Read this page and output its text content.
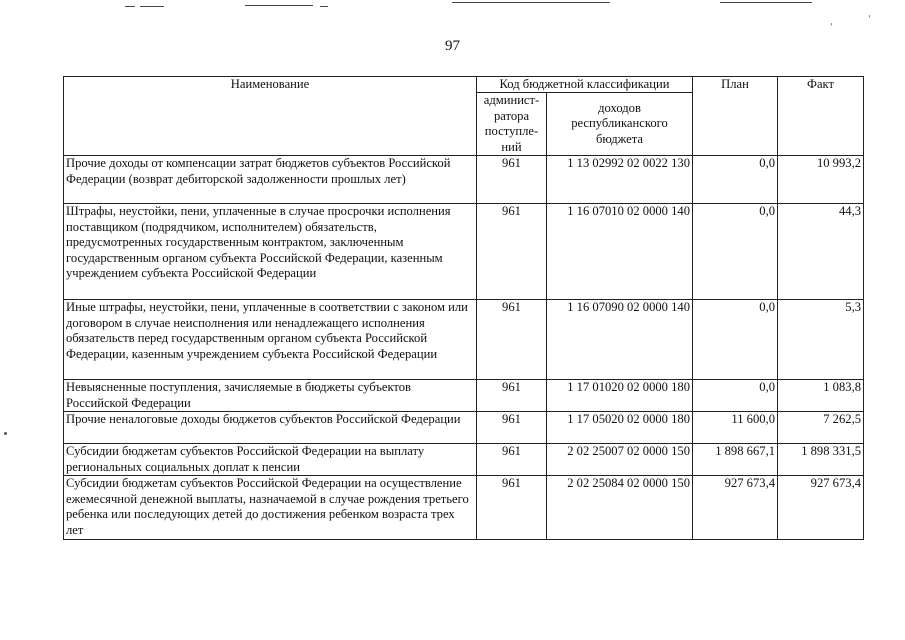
ˌ	ˈ
97
Наименование	Код бюджетной классификации		План	Факт
	админист-ратора поступле-ний	доходов республиканского бюджета		
Прочие доходы от компенсации затрат бюджетов субъектов Российской Федерации (возврат дебиторской задолженности прошлых лет)	961	1 13 02992 02 0022 130	0,0	10 993,2
Штрафы, неустойки, пени, уплаченные в случае просрочки исполнения поставщиком (подрядчиком, исполнителем) обязательств, предусмотренных государственным контрактом, заключенным государственным органом субъекта Российской Федерации, казенным учреждением субъекта Российской Федерации	961	1 16 07010 02 0000 140	0,0	44,3
Иные штрафы, неустойки, пени, уплаченные в соответствии с законом или договором в случае неисполнения или ненадлежащего исполнения обязательств перед государственным органом субъекта Российской Федерации, казенным учреждением субъекта Российской Федерации	961	1 16 07090 02 0000 140	0,0	5,3
Невыясненные поступления, зачисляемые в бюджеты субъектов Российской Федерации	961	1 17 01020 02 0000 180	0,0	1 083,8
Прочие неналоговые доходы бюджетов субъектов Российской Федерации	961	1 17 05020 02 0000 180	11 600,0	7 262,5
Субсидии бюджетам субъектов Российской Федерации на выплату региональных социальных доплат к пенсии	961	2 02 25007 02 0000 150	1 898 667,1	1 898 331,5
Субсидии бюджетам субъектов Российской Федерации на осуществление ежемесячной денежной выплаты, назначаемой в случае рождения третьего ребенка или последующих детей до достижения ребенком возраста трех лет	961	2 02 25084 02 0000 150	927 673,4	927 673,4
